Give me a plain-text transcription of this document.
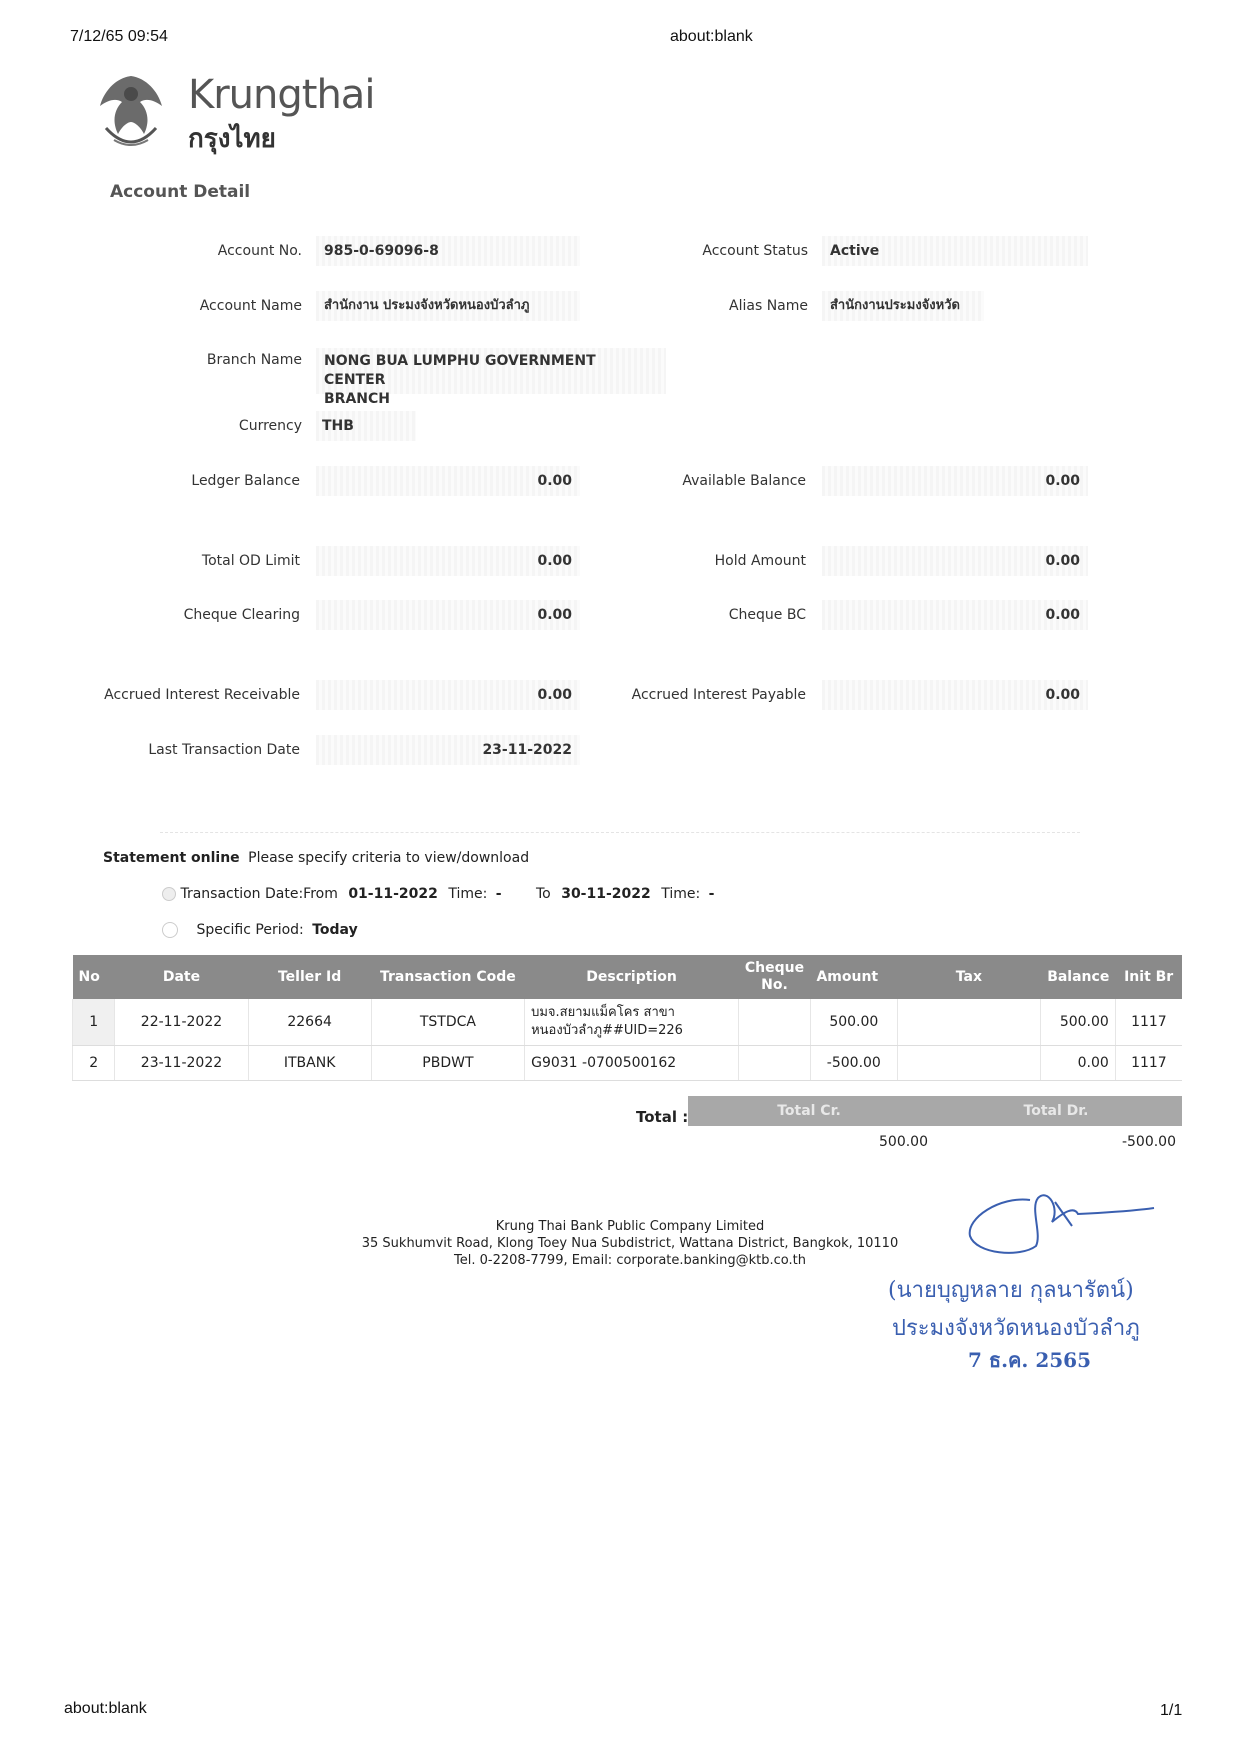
7/12/65 09:54	about:blank
Krungthai
กรุงไทย
Account Detail
Account No.	985-0-69096-8	Account Status	Active
Account Name	สำนักงาน ประมงจังหวัดหนองบัวลำภู	Alias Name	สำนักงานประมงจังหวัด
Branch Name NONG BUA LUMPHU GOVERNMENT CENTER
BRANCH
Currency	THB
Ledger Balance	0.00	Available Balance	0.00
Total OD Limit	0.00	Hold Amount	0.00
Cheque Clearing	0.00	Cheque BC	0.00
Accrued Interest Receivable	0.00	Accrued Interest Payable	0.00
Last Transaction Date	23-11-2022
Statement online Please specify criteria to view/download
Transaction Date:From 01-11-2022 Time: - To 30-11-2022 Time: -
Specific Period: Today
No	Date	Teller Id	Transaction Code	Description	Cheque No.	Amount	Tax	Balance	Init Br
1	22-11-2022	22664	TSTDCA	บมจ.สยามแม็คโคร สาขา
หนองบัวลำภู##UID=226		500.00		500.00	1117
2	23-11-2022	ITBANK	PBDWT	G9031 -0700500162		-500.00		0.00	1117
Total :	Total Cr.	Total Dr.
500.00	-500.00
Krung Thai Bank Public Company Limited
35 Sukhumvit Road, Klong Toey Nua Subdistrict, Wattana District, Bangkok, 10110
Tel. 0-2208-7799, Email: corporate.banking@ktb.co.th
(นายบุญหลาย กุลนารัตน์)
ประมงจังหวัดหนองบัวลำภู
7 ธ.ค. 2565
about:blank	1/1
